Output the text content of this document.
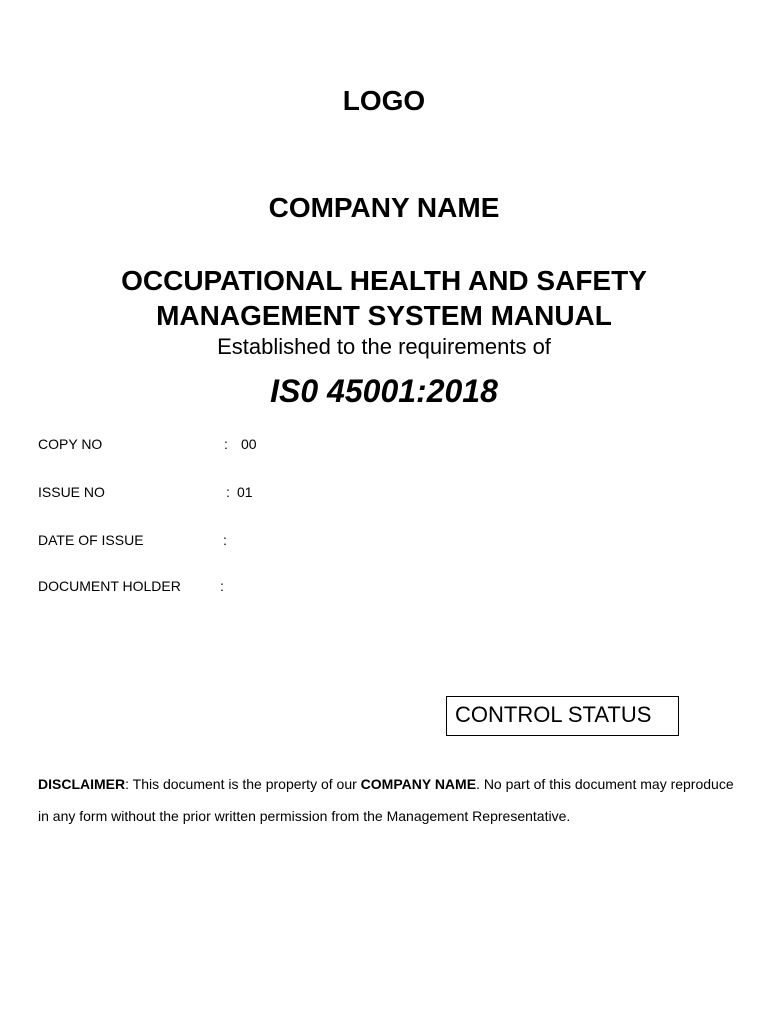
LOGO
COMPANY NAME
OCCUPATIONAL HEALTH AND SAFETY
MANAGEMENT SYSTEM MANUAL
Established to the requirements of
IS0 45001:2018
COPY NO	: 00
ISSUE NO	: 01
DATE OF ISSUE	:
DOCUMENT HOLDER	:
CONTROL STATUS
DISCLAIMER: This document is the property of our COMPANY NAME. No part of this document may reproduce in any form without the prior written permission from the Management Representative.
